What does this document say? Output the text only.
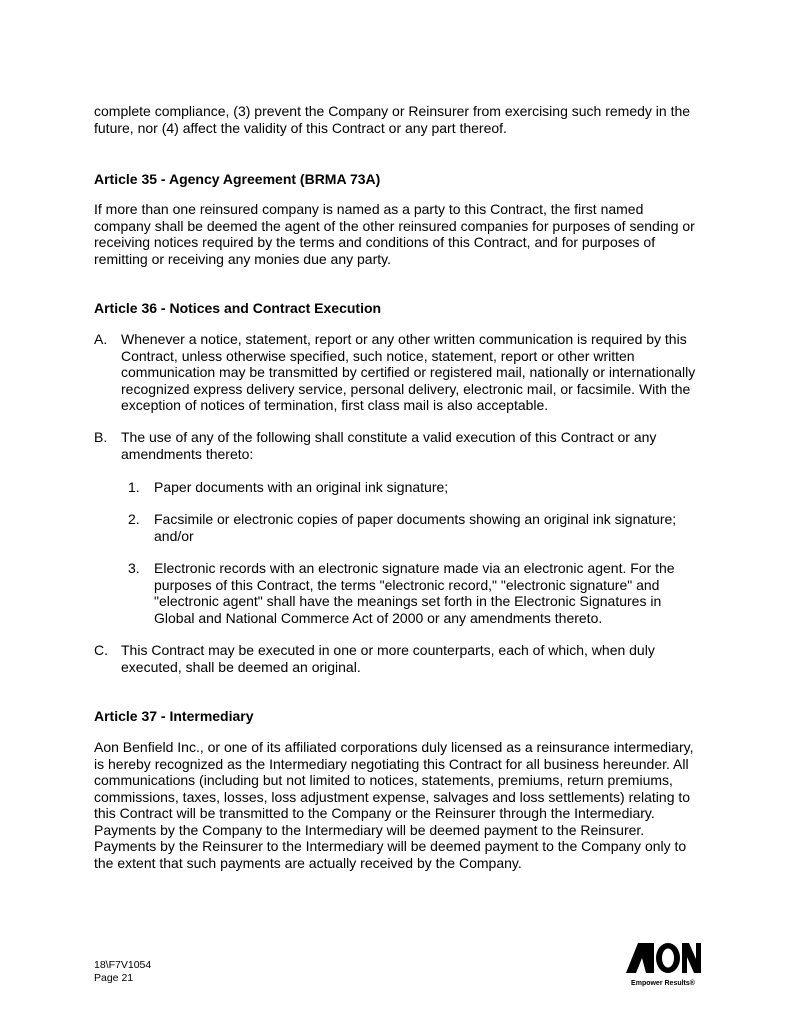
complete compliance, (3) prevent the Company or Reinsurer from exercising such remedy in the future, nor (4) affect the validity of this Contract or any part thereof.

Article 35 - Agency Agreement (BRMA 73A)

If more than one reinsured company is named as a party to this Contract, the first named company shall be deemed the agent of the other reinsured companies for purposes of sending or receiving notices required by the terms and conditions of this Contract, and for purposes of remitting or receiving any monies due any party.

Article 36 - Notices and Contract Execution
A. Whenever a notice, statement, report or any other written communication is required by this Contract, unless otherwise specified, such notice, statement, report or other written communication may be transmitted by certified or registered mail, nationally or internationally recognized express delivery service, personal delivery, electronic mail, or facsimile. With the exception of notices of termination, first class mail is also acceptable.

B. The use of any of the following shall constitute a valid execution of this Contract or any amendments thereto:

1. Paper documents with an original ink signature;

2. Facsimile or electronic copies of paper documents showing an original ink signature; and/or

3. Electronic records with an electronic signature made via an electronic agent. For the purposes of this Contract, the terms "electronic record," "electronic signature" and "electronic agent" shall have the meanings set forth in the Electronic Signatures in Global and National Commerce Act of 2000 or any amendments thereto.

C. This Contract may be executed in one or more counterparts, each of which, when duly executed, shall be deemed an original.

Article 37 - Intermediary

Aon Benfield Inc., or one of its affiliated corporations duly licensed as a reinsurance intermediary, is hereby recognized as the Intermediary negotiating this Contract for all business hereunder. All communications (including but not limited to notices, statements, premiums, return premiums, commissions, taxes, losses, loss adjustment expense, salvages and loss settlements) relating to this Contract will be transmitted to the Company or the Reinsurer through the Intermediary. Payments by the Company to the Intermediary will be deemed payment to the Reinsurer. Payments by the Reinsurer to the Intermediary will be deemed payment to the Company only to the extent that such payments are actually received by the Company.

18\F7V1054
Page 21	Empower Results®
